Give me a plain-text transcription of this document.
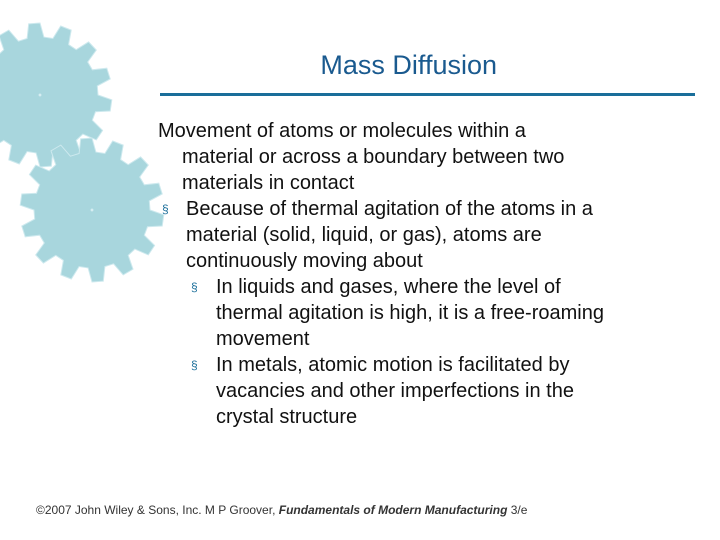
Mass Diffusion

Movement of atoms or molecules within a
material or across a boundary between two
materials in contact

§ Because of thermal agitation of the atoms in a
material (solid, liquid, or gas), atoms are
continuously moving about
§ In liquids and gases, where the level of
thermal agitation is high, it is a free‑roaming
movement
§ In metals, atomic motion is facilitated by
vacancies and other imperfections in the
crystal structure
©2007 John Wiley & Sons, Inc. M P Groover, Fundamentals of Modern Manufacturing 3/e
